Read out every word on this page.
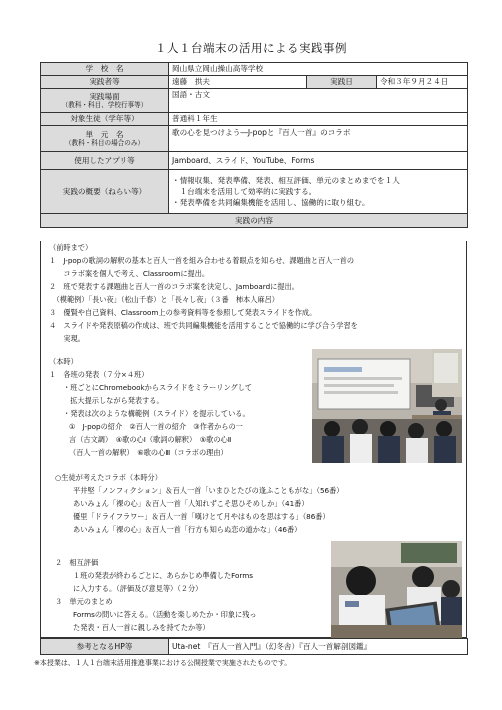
１人１台端末の活用による実践事例
学　校　名	岡山県立岡山操山高等学校		
実践者等	遠藤　拱夫	実践日	令和３年９月２４日

実践場面
（教科・科目、学校行事等）	国語・古文		
対象生徒（学年等）	普通科１年生		

単　元　名
（教科・科目の場合のみ）	歌の心を見つけよう―J-popと『百人一首』のコラボ		
使用したアプリ等	Jamboard、スライド、YouTube、Forms		
実践の概要（ねらい等）	・情報収集、発表準備、発表、相互評価、単元のまとめまでを１人
　１台端末を活用して効率的に実践する。
・発表準備を共同編集機能を活用し、協働的に取り組む。		

実践の内容			
（前時まで）
１　J-popの歌詞の解釈の基本と百人一首を組み合わせる着眼点を知らせ、課題曲と百人一首の
　　コラボ案を個人で考え、Classroomに提出。
２　班で発表する課題曲と百人一首のコラボ案を決定し、Jamboardに提出。
　（模範例）「長い夜」（松山千春）と「長々し夜」（３番　柿本人麻呂）
３　優賢や自己資料、Classroom上の参考資料等を参照して発表スライドを作成。
４　スライドや発表原稿の作成は、班で共同編集機能を活用することで協働的に学び合う学習を
　　実現。
（本時）
１　各班の発表（７分×４班）
・班ごとにChromebookからスライドをミラーリングして
　拡大提示しながら発表する。
・発表は次のような構範例（スライド）を提示している。
①　J-popの紹介　②百人一首の紹介　③作者からの一
言（古文調）　④歌の心Ⅰ（歌詞の解釈）　⑤歌の心Ⅱ
（百人一首の解釈）　⑥歌の心Ⅲ（コラボの理由）
○生徒が考えたコラボ（本時分）
平井堅「ノンフィクション」＆百人一首「いまひとたびの逢ふこともがな」（56番）
あいみょん「裸の心」＆百人一首「人知れずこそ思ひそめしか」（41番）
優里「ドライフラワー」＆百人一首「嘆けとて月やはものを思はする」（86番）
あいみょん「裸の心」＆百人一首「行方も知らぬ恋の道かな」（46番）
２　相互評価
１班の発表が終わるごとに、あらかじめ準備したForms
に入力する。（評価及び意見等）（２分）
３　単元のまとめ
Formsの問いに答える。（活動を楽しめたか・印象に残っ
た発表・百人一首に親しみを持てたか等）
参考となるHP等	Uta-net　『百人一首入門』（幻冬舎）『百人一首解剖図鑑』
※本授業は、１人１台端末活用推進事業における公開授業で実施されたものです。
